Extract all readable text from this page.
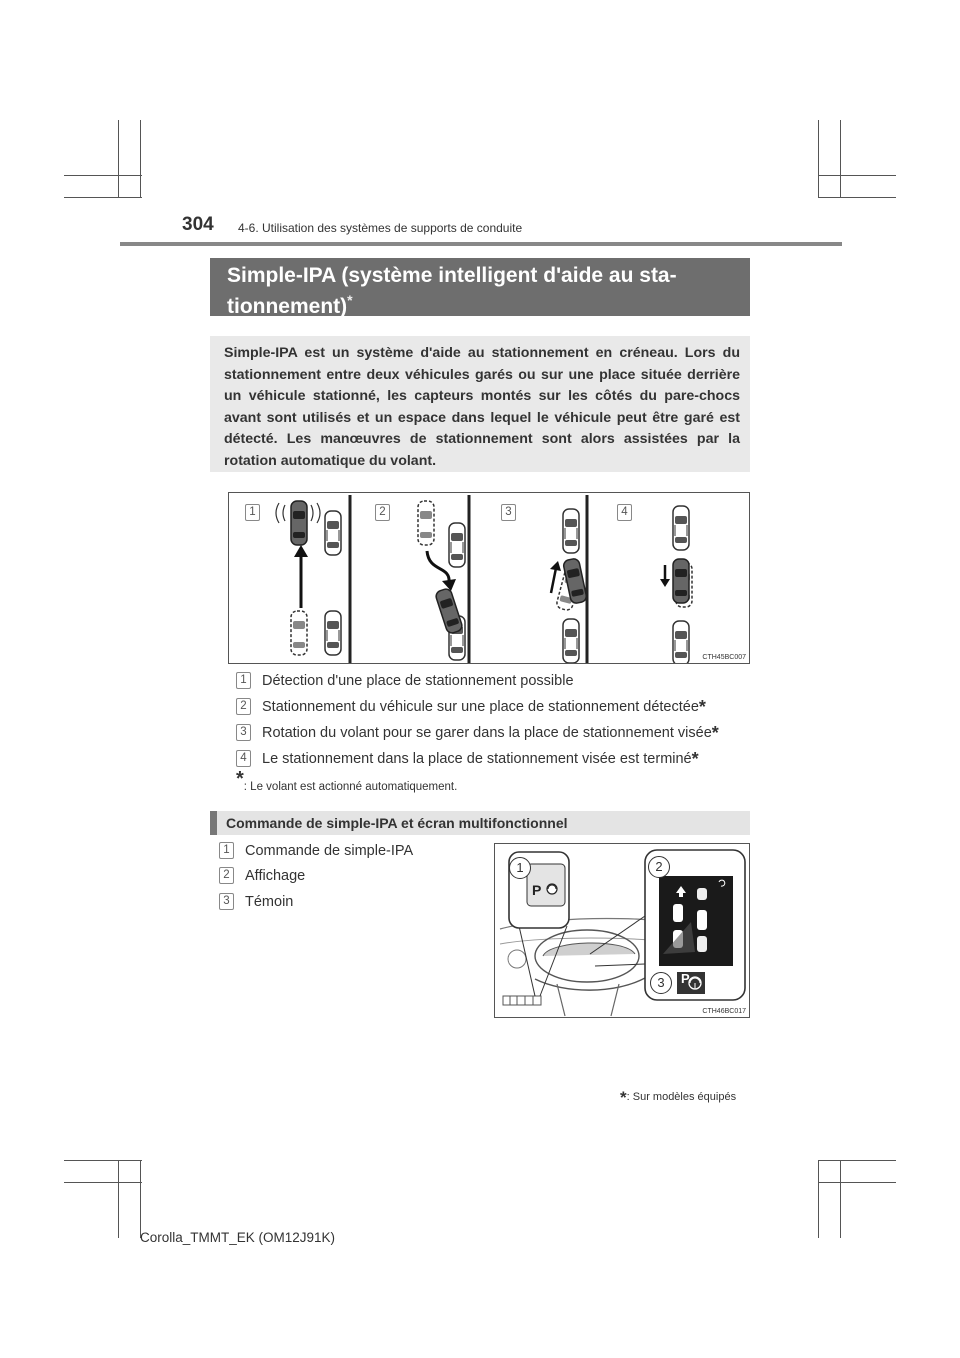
304 4-6. Utilisation des systèmes de supports de conduite
Simple-IPA (système intelligent d'aide au sta-
tionnement)*
Simple-IPA est un système d'aide au stationnement en créneau. Lors du stationnement entre deux véhicules garés ou sur une place située derrière un véhicule stationné, les capteurs montés sur les côtés du pare-chocs avant sont utilisés et un espace dans lequel le véhicule peut être garé est détecté. Les manœuvres de stationnement sont alors assistées par la rotation automatique du volant.
1	2	3	4
CTH45BC007
1 Détection d'une place de stationnement possible
2 Stationnement du véhicule sur une place de stationnement détectée *
3 Rotation du volant pour se garer dans la place de stationnement visée *
4 Le stationnement dans la place de stationnement visée est terminé *
*: Le volant est actionné automatiquement.
Commande de simple-IPA et écran multifonctionnel
1 Commande de simple-IPA
2 Affichage
3 Témoin
P
P
1	2
3
CTH46BC017
*: Sur modèles équipés
Corolla_TMMT_EK (OM12J91K)
